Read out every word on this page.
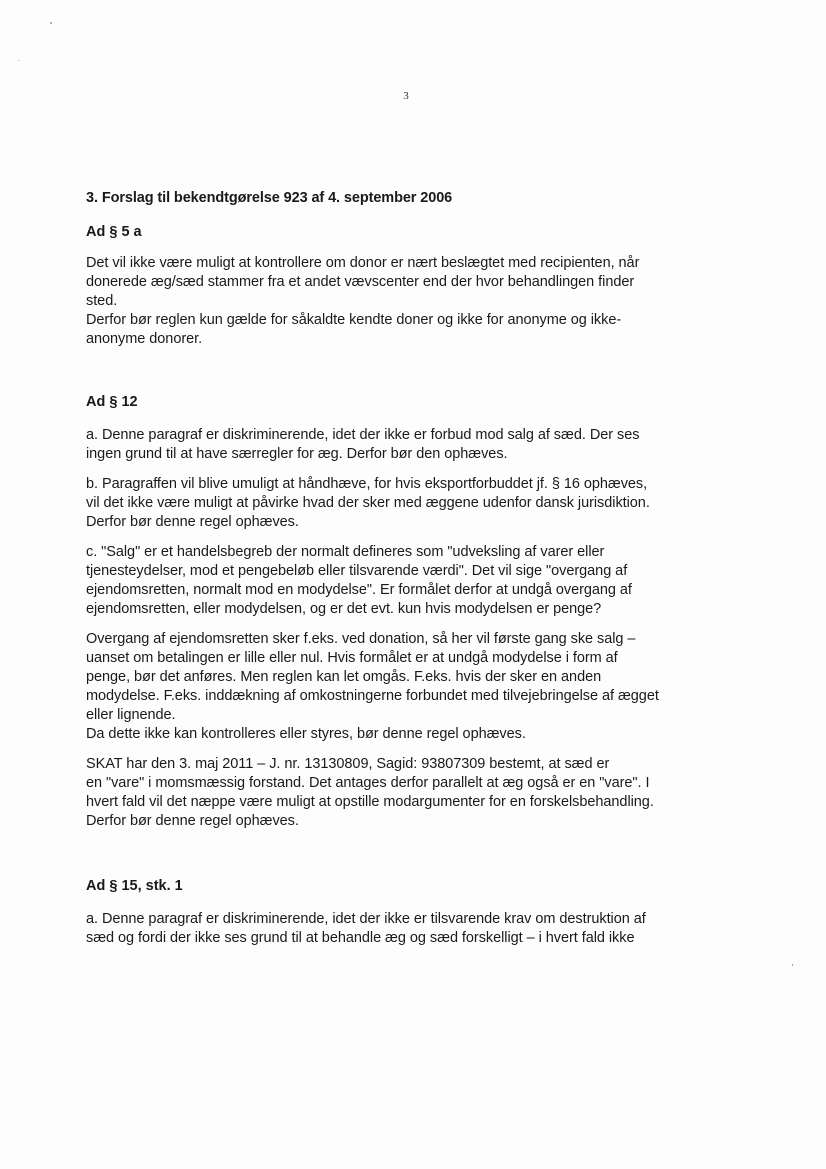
3
3. Forslag til bekendtgørelse 923 af 4. september 2006
Ad § 5 a

Det vil ikke være muligt at kontrollere om donor er nært beslægtet med recipienten, når
donerede æg/sæd stammer fra et andet vævscenter end der hvor behandlingen finder
sted.
Derfor bør reglen kun gælde for såkaldte kendte doner og ikke for anonyme og ikke-
anonyme donorer.

Ad § 12

a. Denne paragraf er diskriminerende, idet der ikke er forbud mod salg af sæd. Der ses
ingen grund til at have særregler for æg. Derfor bør den ophæves.

b. Paragraffen vil blive umuligt at håndhæve, for hvis eksportforbuddet jf. § 16 ophæves,
vil det ikke være muligt at påvirke hvad der sker med æggene udenfor dansk jurisdiktion.
Derfor bør denne regel ophæves.

c. "Salg" er et handelsbegreb der normalt defineres som "udveksling af varer eller
tjenesteydelser, mod et pengebeløb eller tilsvarende værdi". Det vil sige "overgang af
ejendomsretten, normalt mod en modydelse". Er formålet derfor at undgå overgang af
ejendomsretten, eller modydelsen, og er det evt. kun hvis modydelsen er penge?

Overgang af ejendomsretten sker f.eks. ved donation, så her vil første gang ske salg –
uanset om betalingen er lille eller nul. Hvis formålet er at undgå modydelse i form af
penge, bør det anføres. Men reglen kan let omgås. F.eks. hvis der sker en anden
modydelse. F.eks. inddækning af omkostningerne forbundet med tilvejebringelse af ægget
eller lignende.
Da dette ikke kan kontrolleres eller styres, bør denne regel ophæves.

SKAT har den 3. maj 2011 – J. nr. 13130809, Sagid: 93807309 bestemt, at sæd er
en "vare" i momsmæssig forstand. Det antages derfor parallelt at æg også er en "vare". I
hvert fald vil det næppe være muligt at opstille modargumenter for en forskelsbehandling.
Derfor bør denne regel ophæves.

Ad § 15, stk. 1

a. Denne paragraf er diskriminerende, idet der ikke er tilsvarende krav om destruktion af
sæd og fordi der ikke ses grund til at behandle æg og sæd forskelligt – i hvert fald ikke
